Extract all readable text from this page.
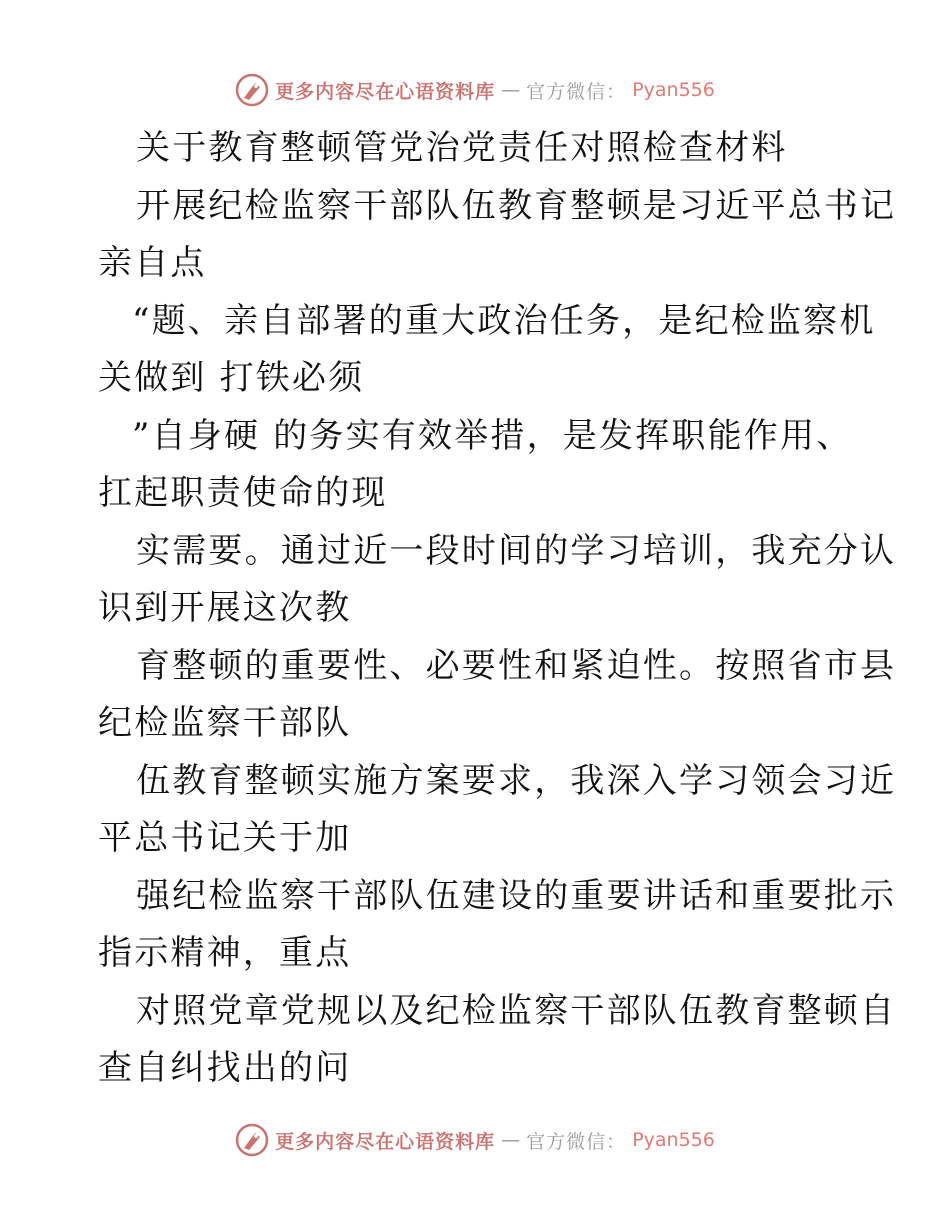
更多内容尽在心语资料库 — 官方微信： Pyan556
关于教育整顿管党治党责任对照检查材料
开展纪检监察干部队伍教育整顿是习近平总书记
亲自点
“题、亲自部署的重大政治任务，是纪检监察机
关做到 打铁必须
”自身硬 的务实有效举措，是发挥职能作用、
扛起职责使命的现
实需要。通过近一段时间的学习培训，我充分认
识到开展这次教
育整顿的重要性、必要性和紧迫性。按照省市县
纪检监察干部队
伍教育整顿实施方案要求，我深入学习领会习近
平总书记关于加
强纪检监察干部队伍建设的重要讲话和重要批示
指示精神，重点
对照党章党规以及纪检监察干部队伍教育整顿自
查自纠找出的问
更多内容尽在心语资料库 — 官方微信： Pyan556
